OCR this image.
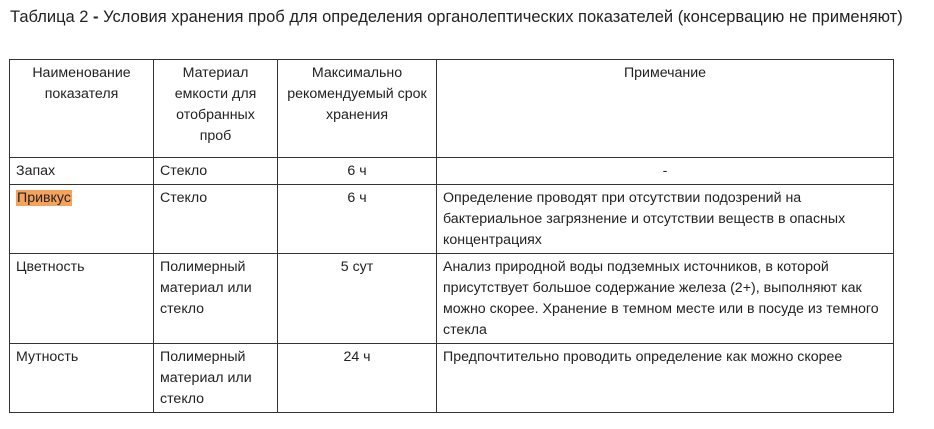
Таблица 2 - Условия хранения проб для определения органолептических показателей (консервацию не применяют)
Наименование показателя	Материал емкости для отобранных проб	Максимально рекомендуемый срок хранения	Примечание
Запах	Стекло	6 ч	-
Привкус	Стекло	6 ч	Определение проводят при отсутствии подозрений на бактериальное загрязнение и отсутствии веществ в опасных концентрациях
Цветность	Полимерный материал или стекло	5 сут	Анализ природной воды подземных источников, в которой присутствует большое содержание железа (2+), выполняют как можно скорее. Хранение в темном месте или в посуде из темного стекла
Мутность	Полимерный материал или стекло	24 ч	Предпочтительно проводить определение как можно скорее
